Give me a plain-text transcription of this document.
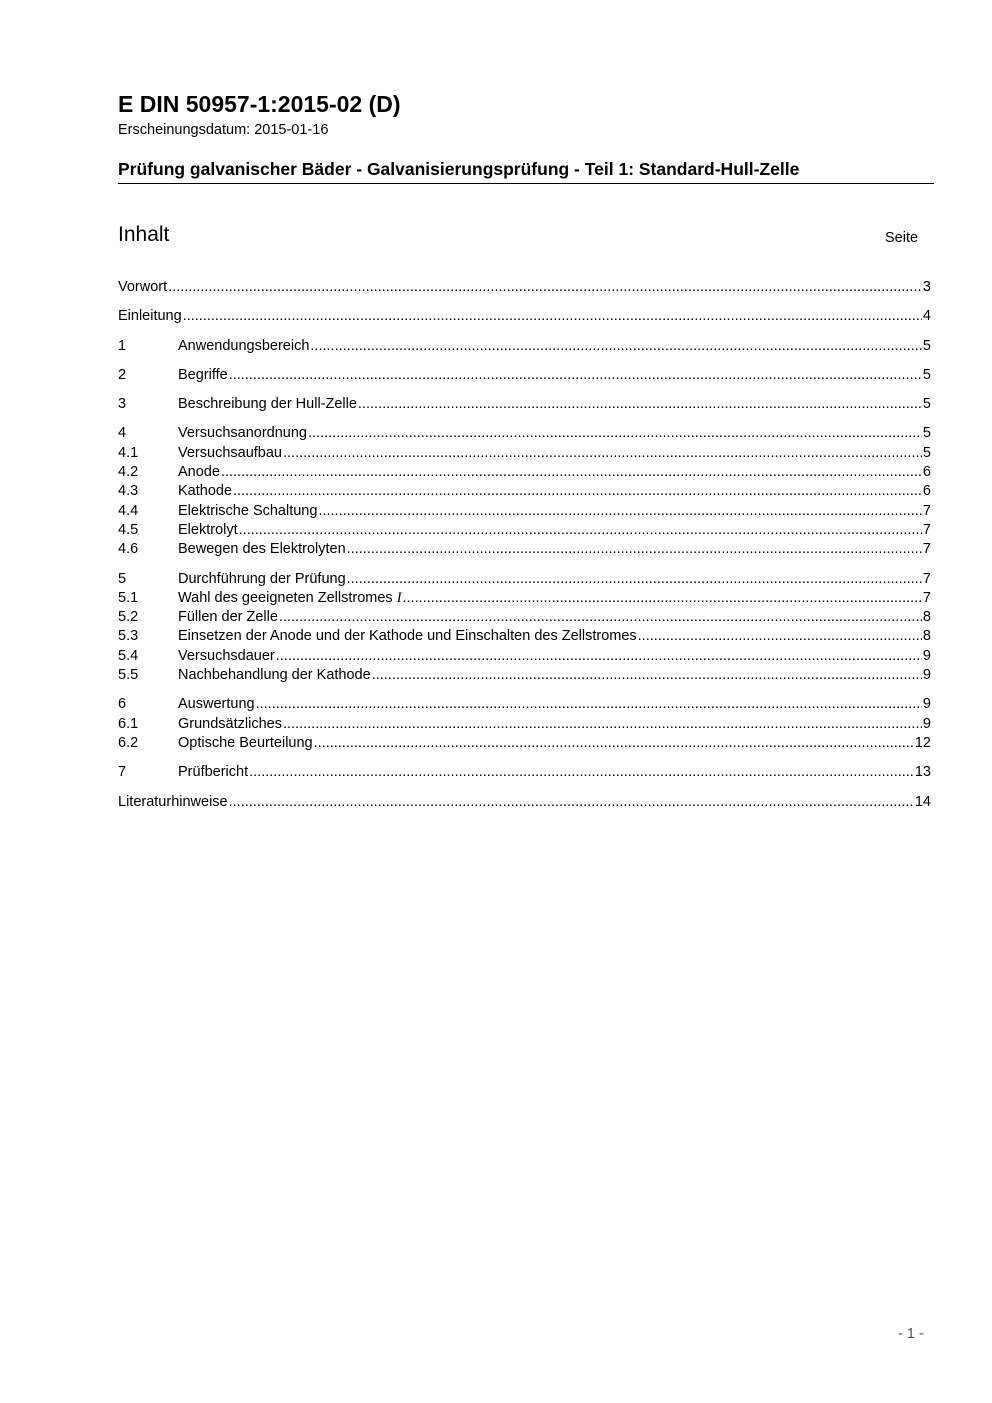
E DIN 50957-1:2015-02 (D)
Erscheinungsdatum: 2015-01-16
Prüfung galvanischer Bäder - Galvanisierungsprüfung - Teil 1: Standard-Hull-Zelle
Inhalt	Seite
Vorwort .....	3
Einleitung .....	4
1	Anwendungsbereich .....	5
2	Begriffe .....	5
3	Beschreibung der Hull-Zelle .....	5
4	Versuchsanordnung .....	5
4.1	Versuchsaufbau .....	5
4.2	Anode .....	6
4.3	Kathode .....	6
4.4	Elektrische Schaltung .....	7
4.5	Elektrolyt .....	7
4.6	Bewegen des Elektrolyten .....	7
5	Durchführung der Prüfung .....	7
5.1	Wahl des geeigneten Zellstromes I .....	7
5.2	Füllen der Zelle .....	8
5.3	Einsetzen der Anode und der Kathode und Einschalten des Zellstromes .....	8
5.4	Versuchsdauer .....	9
5.5	Nachbehandlung der Kathode .....	9
6	Auswertung .....	9
6.1	Grundsätzliches .....	9
6.2	Optische Beurteilung .....	12
7	Prüfbericht .....	13
Literaturhinweise .....	14
- 1 -
